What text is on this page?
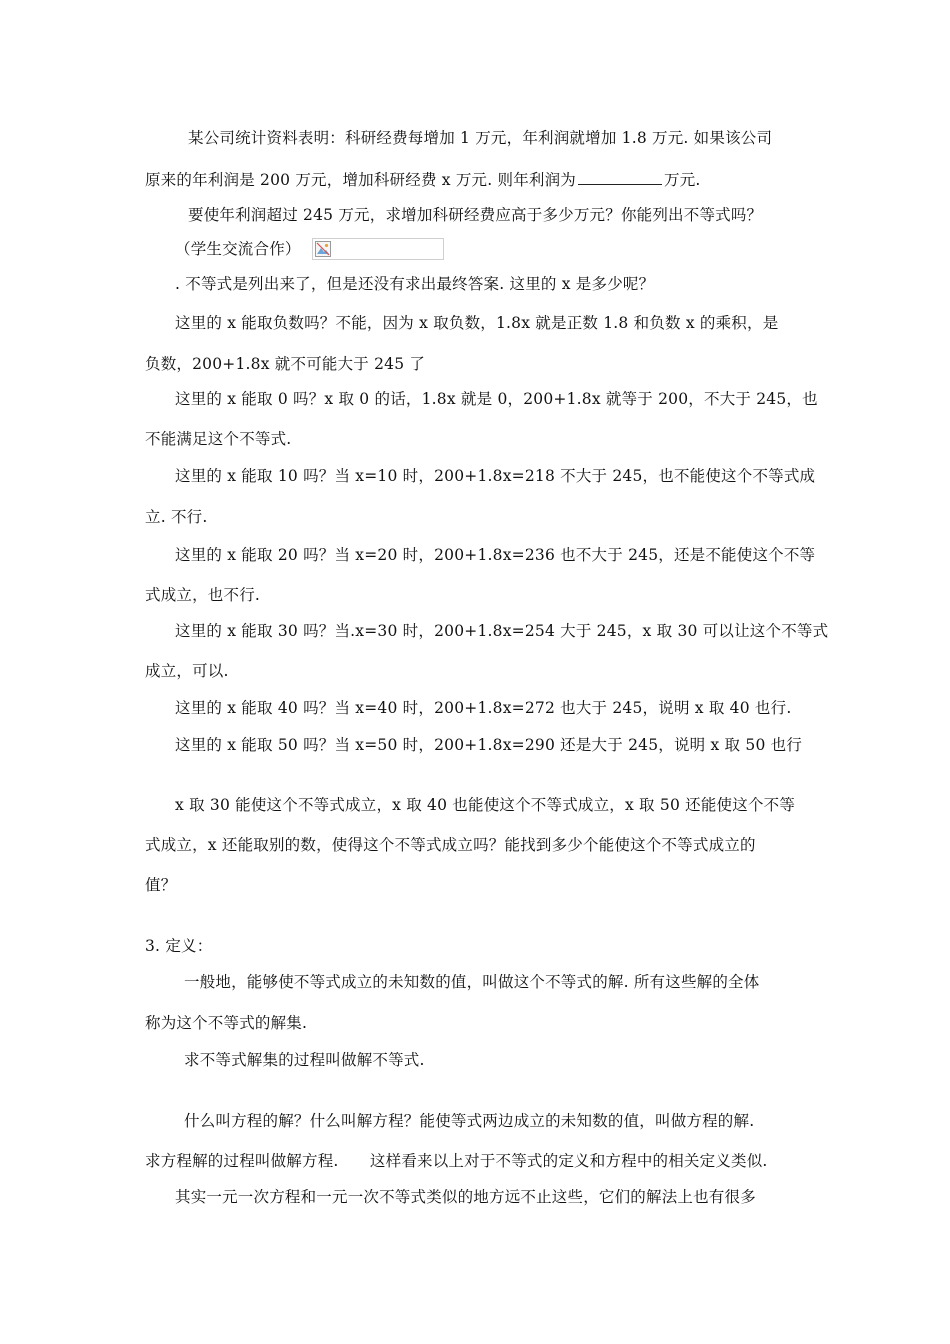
某公司统计资料表明：科研经费每增加 1 万元，年利润就增加 1.8 万元. 如果该公司
原来的年利润是 200 万元，增加科研经费 x 万元. 则年利润为	万元.
要使年利润超过 245 万元，求增加科研经费应高于多少万元？你能列出不等式吗？
（学生交流合作）
. 不等式是列出来了，但是还没有求出最终答案. 这里的 x 是多少呢？
这里的 x 能取负数吗？不能，因为 x 取负数，1.8x 就是正数 1.8 和负数 x 的乘积，是
负数，200+1.8x 就不可能大于 245 了
这里的 x 能取 0 吗？x 取 0 的话，1.8x 就是 0，200+1.8x 就等于 200，不大于 245，也
不能满足这个不等式.
这里的 x 能取 10 吗？当 x=10 时，200+1.8x=218 不大于 245，也不能使这个不等式成
立. 不行.
这里的 x 能取 20 吗？当 x=20 时，200+1.8x=236 也不大于 245，还是不能使这个不等
式成立，也不行.
这里的 x 能取 30 吗？当.x=30 时，200+1.8x=254 大于 245，x 取 30 可以让这个不等式
成立，可以.
这里的 x 能取 40 吗？当 x=40 时，200+1.8x=272 也大于 245，说明 x 取 40 也行.
这里的 x 能取 50 吗？当 x=50 时，200+1.8x=290 还是大于 245，说明 x 取 50 也行
x 取 30 能使这个不等式成立，x 取 40 也能使这个不等式成立，x 取 50 还能使这个不等
式成立，x 还能取别的数，使得这个不等式成立吗？能找到多少个能使这个不等式成立的
值？
3. 定义：
一般地，能够使不等式成立的未知数的值，叫做这个不等式的解. 所有这些解的全体
称为这个不等式的解集.
求不等式解集的过程叫做解不等式.
什么叫方程的解？什么叫解方程？能使等式两边成立的未知数的值，叫做方程的解.
求方程解的过程叫做解方程.　　这样看来以上对于不等式的定义和方程中的相关定义类似.
其实一元一次方程和一元一次不等式类似的地方远不止这些，它们的解法上也有很多
